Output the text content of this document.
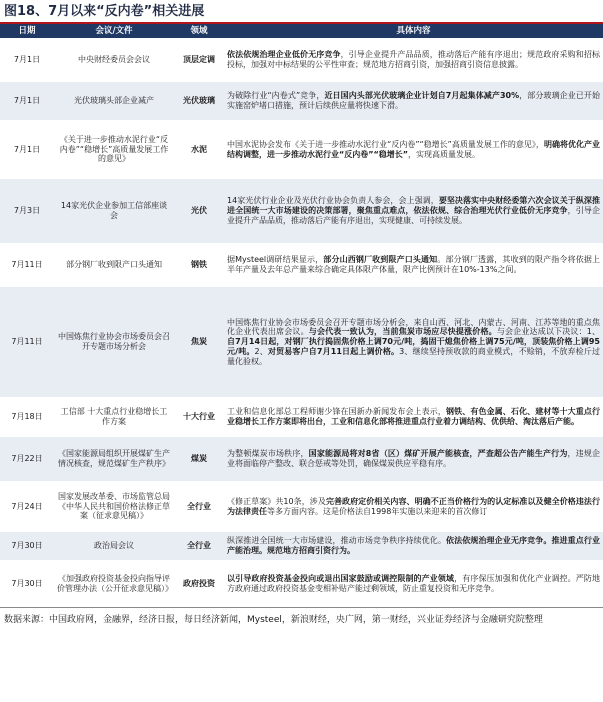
图18、7月以来“反内卷”相关进展
日期	会议/文件	领域	具体内容
7月1日	中央财经委员会会议	顶层定调	依法依规治理企业低价无序竞争，引导企业提升产品品质，推动落后产能有序退出；规范政府采购和招标投标，加强对中标结果的公平性审查；规范地方招商引资，加强招商引资信息披露。
7月1日	光伏玻璃头部企业减产	光伏玻璃	为破除行业“内卷式”竞争，近日国内头部光伏玻璃企业计划自7月起集体减产30%，部分玻璃企业已开始实施窑炉堵口措施，预计后续供应量将快速下滑。
7月1日	《关于进一步推动水泥行业“反内卷”“稳增长”高质量发展工作的意见》	水泥	中国水泥协会发布《关于进一步推动水泥行业“反内卷”“稳增长”高质量发展工作的意见》，明确将优化产业结构调整，进一步推动水泥行业“反内卷”“稳增长”，实现高质量发展。
7月3日	14家光伏企业参加工信部座谈会	光伏	14家光伏行业企业及光伏行业协会负责人参会，会上强调，要坚决落实中央财经委第六次会议关于纵深推进全国统一大市场建设的决策部署，聚焦重点难点，依法依规、综合治理光伏行业低价无序竞争，引导企业提升产品品质，推动落后产能有序退出，实现健康、可持续发展。
7月11日	部分钢厂收到限产口头通知	钢铁	据Mysteel调研结果显示，部分山西钢厂收到限产口头通知。部分钢厂透露，其收到的限产指令将依据上半年产量及去年总产量来综合确定具体限产体量，限产比例预计在10%-13%之间。
7月11日	中国炼焦行业协会市场委员会召开专题市场分析会	焦炭	中国炼焦行业协会市场委员会召开专题市场分析会，来自山西、河北、内蒙古、河南、江苏等地的重点焦化企业代表出席会议。与会代表一致认为，当前焦炭市场应尽快提涨价格。与会企业达成以下决议：1、自7月14日起，对钢厂执行捣固焦价格上调70元/吨，捣固干熄焦价格上调75元/吨，顶装焦价格上调95元/吨。2、对贸易客户自7月11日起上调价格。3、继续坚持预收款的商业模式，不赊销，不放弃检斤过量化验权。
7月18日	工信部 十大重点行业稳增长工作方案	十大行业	工业和信息化部总工程师谢少锋在国新办新闻发布会上表示，钢铁、有色金属、石化、建材等十大重点行业稳增长工作方案即将出台，工业和信息化部将推进重点行业着力调结构、优供给、淘汰落后产能。
7月22日	《国家能源局组织开展煤矿生产情况核查，规范煤矿生产秩序》	煤炭	为整顿煤炭市场秩序，国家能源局将对8省（区）煤矿开展产能核查，严查超公告产能生产行为，违规企业将面临停产整改、联合惩戒等处罚，确保煤炭供应平稳有序。
7月24日	国家发展改革委、市场监管总局《中华人民共和国价格法修正草案（征求意见稿）》	全行业	《修正草案》共10条，涉及完善政府定价相关内容、明确不正当价格行为的认定标准以及健全价格违法行为法律责任等多方面内容。这是价格法自1998年实施以来迎来的首次修订
7月30日	政治局会议	全行业	纵深推进全国统一大市场建设，推动市场竞争秩序持续优化。依法依规治理企业无序竞争。推进重点行业产能治理。规范地方招商引资行为。
7月30日	《加强政府投资基金投向指导评价管理办法（公开征求意见稿）》	政府投资	以引导政府投资基金投向或退出国家鼓励或调控限制的产业领域，有序保压加强和优化产业调控。严防地方政府通过政府投资基金变相补贴产能过剩领域，防止重复投资和无序竞争。
数据来源：中国政府网，金融界，经济日报，每日经济新闻，Mysteel，新浪财经，央广网，第一财经，兴业证券经济与金融研究院整理
